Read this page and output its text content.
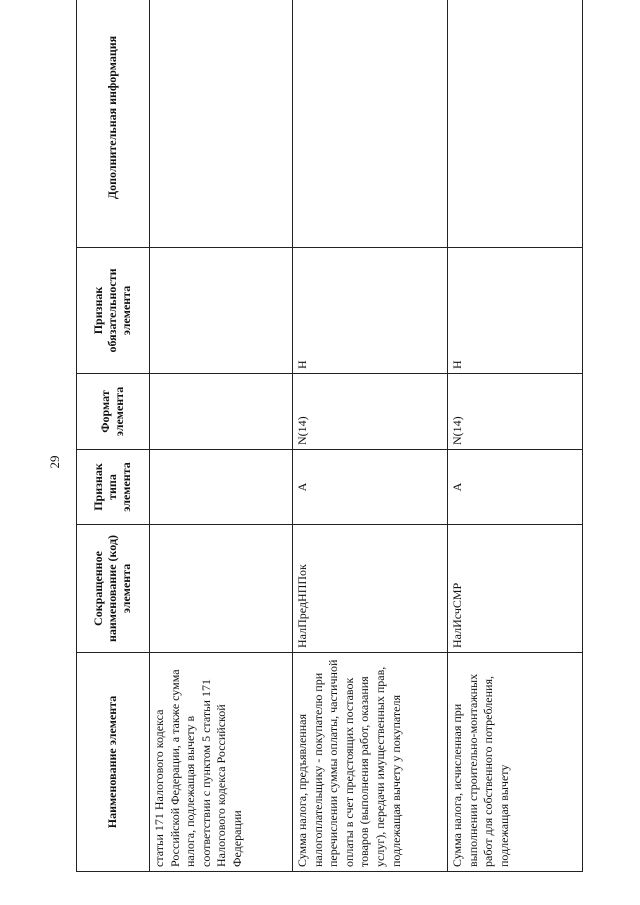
29
Наименование элемента	Сокращенное наименование (код) элемента	Признак типа элемента	Формат элемента	Признак обязательности элемента	Дополнительная информация
статьи 171 Налогового кодекса Российской Федерации, а также сумма налога, подлежащая вычету в соответствии с пунктом 5 статьи 171 Налогового кодекса Российской Федерации					
Сумма налога, предъявленная налогоплательщику - покупателю при перечислении суммы оплаты, частичной оплаты в счет предстоящих поставок товаров (выполнения работ, оказания услуг), передачи имущественных прав, подлежащая вычету у покупателя	НалПредНППок	А	N(14)	Н	
Сумма налога, исчисленная при выполнении строительно-монтажных работ для собственного потребления, подлежащая вычету	НалИсчСМР	А	N(14)	Н	
